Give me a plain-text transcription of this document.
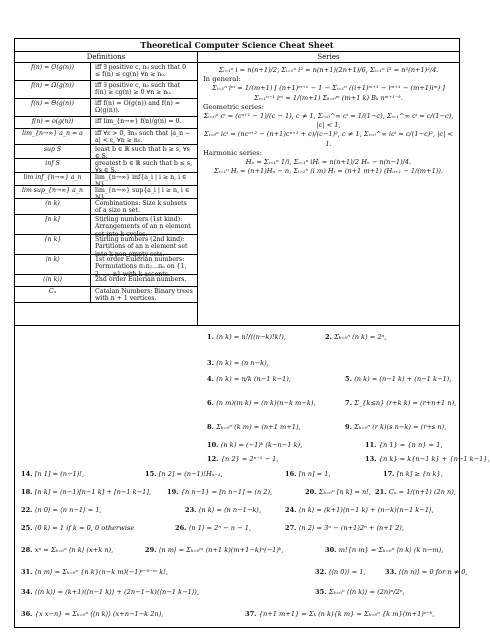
Theoretical Computer Science Cheat Sheet
Definitions
f(n) = O(g(n))	iff ∃ positive c, n₀ such that 0 ≤ f(n) ≤ cg(n) ∀n ≥ n₀.
f(n) = Ω(g(n))	iff ∃ positive c, n₀ such that f(n) ≥ cg(n) ≥ 0 ∀n ≥ n₀.
f(n) = Θ(g(n))	iff f(n) = O(g(n)) and f(n) = Ω(g(n)).
f(n) = o(g(n))	iff lim_{n→∞} f(n)/g(n) = 0.
lim_{n→∞} a_n = a	iff ∀ε > 0, ∃n₀ such that |a_n − a| < ε, ∀n ≥ n₀.
sup S	least b ∈ ℝ such that b ≥ s, ∀s ∈ S.
inf S	greatest b ∈ ℝ such that b ≤ s, ∀s ∈ S.
lim inf_{n→∞} a_n	lim_{n→∞} inf{a_i | i ≥ n, i ∈ ℕ}.
lim sup_{n→∞} a_n	lim_{n→∞} sup{a_i | i ≥ n, i ∈ ℕ}.
(n k)	Combinations: Size k subsets of a size n set.
[n k]	Stirling numbers (1st kind): Arrangements of an n element set into k cycles.
{n k}	Stirling numbers (2nd kind): Partitions of an n element set into k non-empty sets.
⟨n k⟩	1st order Eulerian numbers: Permutations π₁π₂…πₙ on {1, 2, …, n} with k ascents.
⟨⟨n k⟩⟩	2nd order Eulerian numbers.
Cₙ	Catalan Numbers: Binary trees with n + 1 vertices.
Series
Σᵢ₌₁ⁿ i = n(n+1)/2, Σᵢ₌₁ⁿ i² = n(n+1)(2n+1)/6, Σᵢ₌₁ⁿ i³ = n²(n+1)²/4.
In general:
Σᵢ₌₁ⁿ iᵐ = 1/(m+1) [ (n+1)ᵐ⁺¹ − 1 − Σᵢ₌₁ⁿ ((i+1)ᵐ⁺¹ − iᵐ⁺¹ − (m+1)iᵐ) ]
Σᵢ₌₁ⁿ⁻¹ iᵐ = 1/(m+1) Σₖ₌₀ᵐ (m+1 k) Bₖ nᵐ⁺¹⁻ᵏ.
Geometric series:
Σᵢ₌₀ⁿ cⁱ = (cⁿ⁺¹ − 1)/(c − 1), c ≠ 1, Σᵢ₌₀^∞ cⁱ = 1/(1−c), Σᵢ₌₁^∞ cⁱ = c/(1−c), |c| < 1,
Σᵢ₌₀ⁿ icⁱ = (ncⁿ⁺² − (n+1)cⁿ⁺¹ + c)/(c−1)², c ≠ 1, Σᵢ₌₀^∞ icⁱ = c/(1−c)², |c| < 1.
Harmonic series:
Hₙ = Σᵢ₌₁ⁿ 1/i, Σᵢ₌₁ⁿ iHᵢ = n(n+1)/2 Hₙ − n(n−1)/4.
Σᵢ₌₁ⁿ Hᵢ = (n+1)Hₙ − n, Σᵢ₌₁ⁿ (i m) Hᵢ = (n+1 m+1) (Hₙ₊₁ − 1/(m+1)).
1. (n k) = n!/((n−k)!k!),	2. Σₖ₌₀ⁿ (n k) = 2ⁿ,
3. (n k) = (n n−k),
4. (n k) = n/k (n−1 k−1),	5. (n k) = (n−1 k) + (n−1 k−1),
6. (n m)(m k) = (n k)(n−k m−k),	7. Σ_{k≤n} (r+k k) = (r+n+1 n),
8. Σₖ₌₀ⁿ (k m) = (n+1 m+1),	9. Σₖ₌₀ⁿ (r k)(s n−k) = (r+s n),
10. (n k) = (−1)ᵏ (k−n−1 k),	11. {n 1} = {n n} = 1,
12. {n 2} = 2ⁿ⁻¹ − 1,	13. {n k} = k{n−1 k} + {n−1 k−1},
14. [n 1] = (n−1)!,	15. [n 2] = (n−1)!Hₙ₋₁,	16. [n n] = 1,	17. [n k] ≥ {n k},
18. [n k] = (n−1)[n−1 k] + [n−1 k−1], 19. {n n−1} = [n n−1] = (n 2),	20. Σₖ₌₀ⁿ [n k] = n!, 21. Cₙ = 1/(n+1) (2n n),
22. ⟨n 0⟩ = ⟨n n−1⟩ = 1,	23. ⟨n k⟩ = ⟨n n−1−k⟩,	24. ⟨n k⟩ = (k+1)⟨n−1 k⟩ + (n−k)⟨n−1 k−1⟩,
25. ⟨0 k⟩ = 1 if k = 0, 0 otherwise	26. ⟨n 1⟩ = 2ⁿ − n − 1,	27. ⟨n 2⟩ = 3ⁿ − (n+1)2ⁿ + (n+1 2),
28. xⁿ = Σₖ₌₀ⁿ ⟨n k⟩ (x+k n),	29. ⟨n m⟩ = Σₖ₌₀ᵐ (n+1 k)(m+1−k)ⁿ(−1)ᵏ,	30. m!{n m} = Σₖ₌₀ⁿ ⟨n k⟩ (k n−m),
31. ⟨n m⟩ = Σₖ₌₀ⁿ {n k}(n−k m)(−1)ⁿ⁻ᵏ⁻ᵐ k!,	32. ⟨⟨n 0⟩⟩ = 1,	33. ⟨⟨n n⟩⟩ = 0 for n ≠ 0,
34. ⟨⟨n k⟩⟩ = (k+1)⟨⟨n−1 k⟩⟩ + (2n−1−k)⟨⟨n−1 k−1⟩⟩,	35. Σₖ₌₀ⁿ ⟨⟨n k⟩⟩ = (2n)ⁿ/2ⁿ,
36. {x x−n} = Σₖ₌₀ⁿ ⟨⟨n k⟩⟩ (x+n−1−k 2n),	37. {n+1 m+1} = Σₖ (n k){k m} = Σₖ₌₀ⁿ {k m}(m+1)ⁿ⁻ᵏ,
